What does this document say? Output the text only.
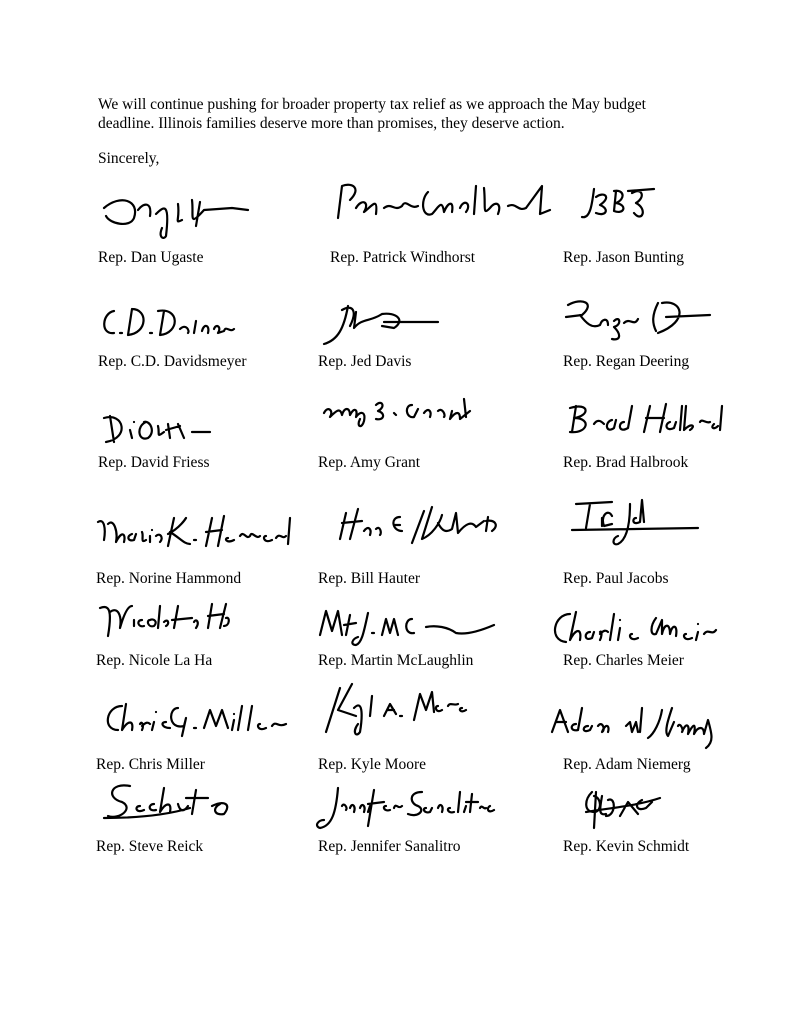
We will continue pushing for broader property tax relief as we approach the May budget deadline. Illinois families deserve more than promises, they deserve action.

Sincerely,

Rep. Dan Ugaste	Rep. Patrick Windhorst	Rep. Jason Bunting

Rep. C.D. Davidsmeyer	Rep. Jed Davis	Rep. Regan Deering

Rep. David Friess	Rep. Amy Grant	Rep. Brad Halbrook

Rep. Norine Hammond	Rep. Bill Hauter	Rep. Paul Jacobs

Rep. Nicole La Ha	Rep. Martin McLaughlin	Rep. Charles Meier

Rep. Chris Miller	Rep. Kyle Moore	Rep. Adam Niemerg

Rep. Steve Reick	Rep. Jennifer Sanalitro	Rep. Kevin Schmidt
